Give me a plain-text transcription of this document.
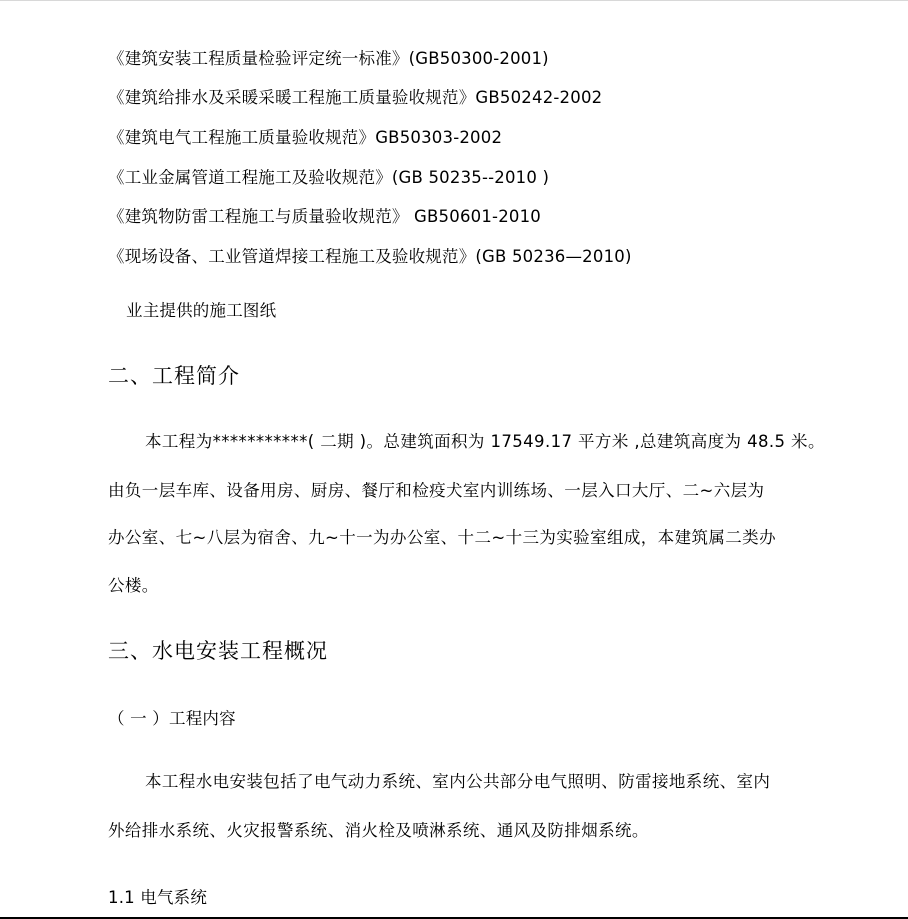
《建筑安装工程质量检验评定统一标准》(GB50300-2001)
《建筑给排水及采暖采暖工程施工质量验收规范》GB50242-2002
《建筑电气工程施工质量验收规范》GB50303-2002
《工业金属管道工程施工及验收规范》(GB 50235--2010 )
《建筑物防雷工程施工与质量验收规范》 GB50601-2010
《现场设备、工业管道焊接工程施工及验收规范》(GB 50236—2010)
业主提供的施工图纸
二、工程简介
本工程为***********( 二期 )。总建筑面积为 17549.17 平方米 ,总建筑高度为 48.5 米。
由负一层车库、设备用房、厨房、餐厅和检疫犬室内训练场、一层入口大厅、二~六层为
办公室、七~八层为宿舍、九~十一为办公室、十二~十三为实验室组成，本建筑属二类办
公楼。
三、水电安装工程概况
（ 一 ）工程内容
本工程水电安装包括了电气动力系统、室内公共部分电气照明、防雷接地系统、室内
外给排水系统、火灾报警系统、消火栓及喷淋系统、通风及防排烟系统。
1.1 电气系统
